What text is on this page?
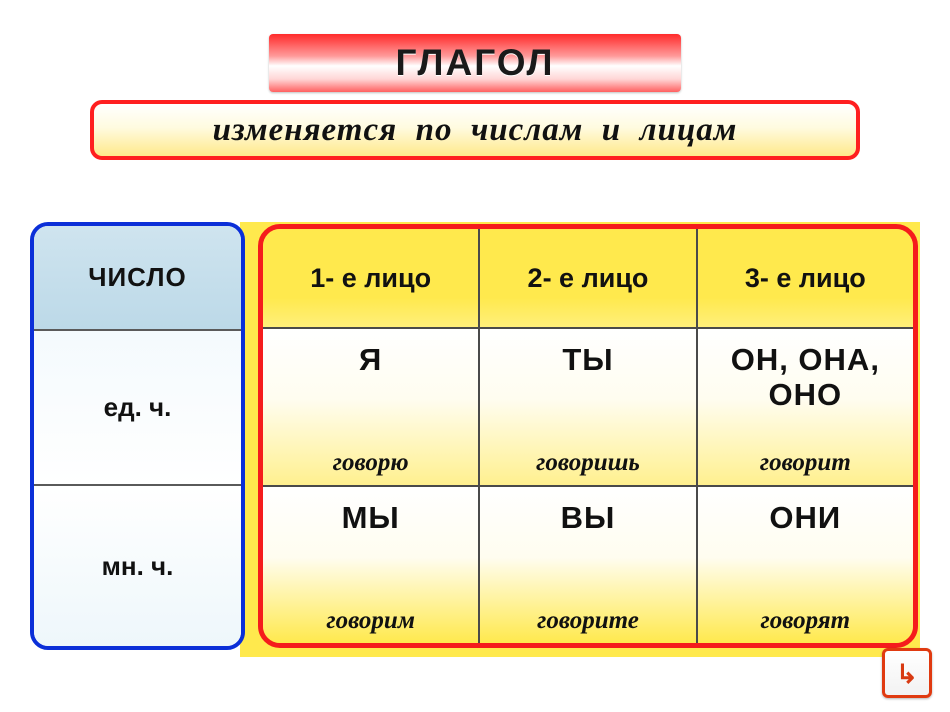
ГЛАГОЛ
изменяется  по  числам  и  лицам
ЧИСЛО
ед. ч.
мн. ч.
1- е лицо	2- е лицо	3- е лицо
Я
говорю
ТЫ
говоришь
ОН, ОНА, ОНО
говорит
МЫ
говорим
ВЫ
говорите
ОНИ
говорят
↰
